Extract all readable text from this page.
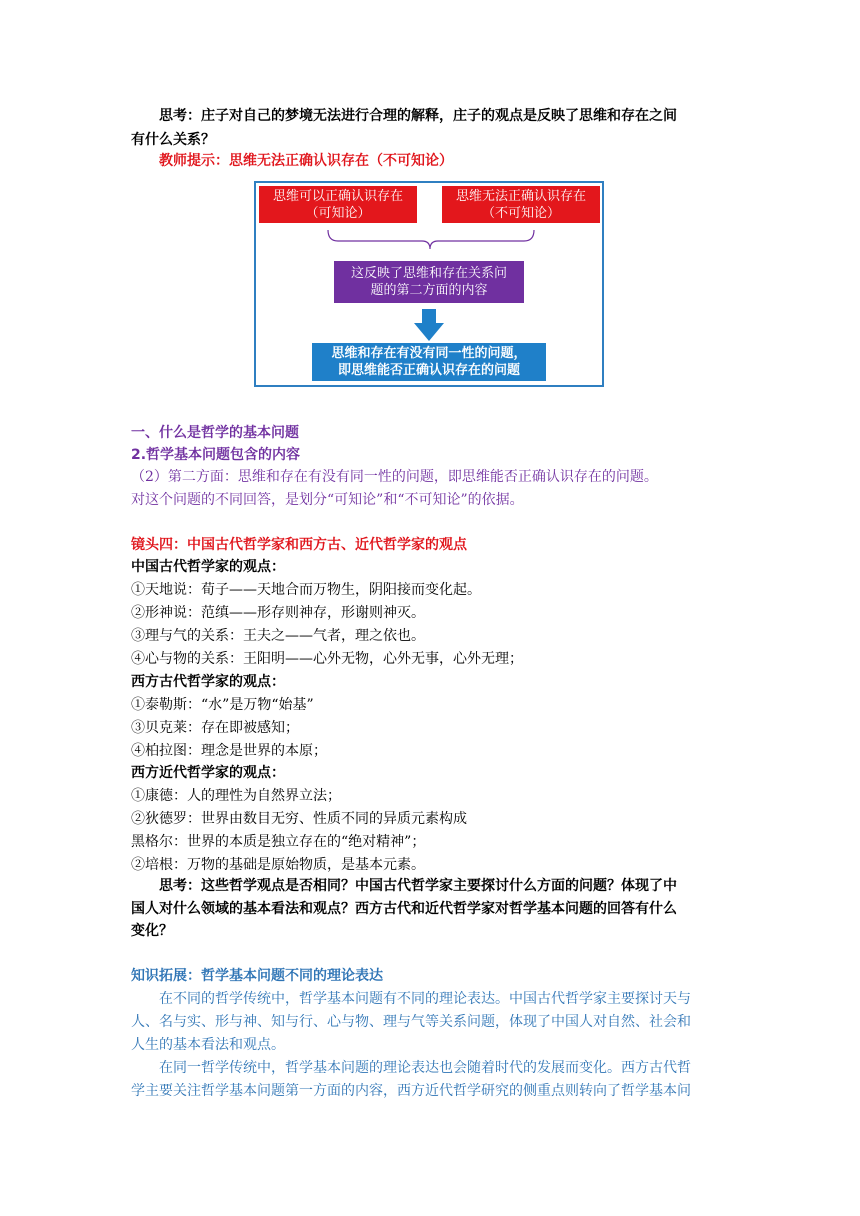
思考：庄子对自己的梦境无法进行合理的解释，庄子的观点是反映了思维和存在之间
有什么关系？
教师提示：思维无法正确认识存在（不可知论）
思维可以正确认识存在
（可知论）
思维无法正确认识存在
（不可知论）
这反映了思维和存在关系问
题的第二方面的内容
思维和存在有没有同一性的问题，
即思维能否正确认识存在的问题
一、什么是哲学的基本问题
2.哲学基本问题包含的内容
（2）第二方面：思维和存在有没有同一性的问题，即思维能否正确认识存在的问题。
对这个问题的不同回答，是划分“可知论”和“不可知论”的依据。
镜头四：中国古代哲学家和西方古、近代哲学家的观点
中国古代哲学家的观点：
①天地说：荀子——天地合而万物生，阴阳接而变化起。
②形神说：范缜——形存则神存，形谢则神灭。
③理与气的关系：王夫之——气者，理之依也。
④心与物的关系：王阳明——心外无物，心外无事，心外无理；
西方古代哲学家的观点：
①泰勒斯：“水”是万物“始基”
③贝克莱：存在即被感知；
④柏拉图：理念是世界的本原；
西方近代哲学家的观点：
①康德：人的理性为自然界立法；
②狄德罗：世界由数目无穷、性质不同的异质元素构成
黑格尔：世界的本质是独立存在的“绝对精神”；
②培根：万物的基础是原始物质，是基本元素。
思考：这些哲学观点是否相同？中国古代哲学家主要探讨什么方面的问题？体现了中
国人对什么领域的基本看法和观点？西方古代和近代哲学家对哲学基本问题的回答有什么
变化？
知识拓展：哲学基本问题不同的理论表达
在不同的哲学传统中，哲学基本问题有不同的理论表达。中国古代哲学家主要探讨天与
人、名与实、形与神、知与行、心与物、理与气等关系问题，体现了中国人对自然、社会和
人生的基本看法和观点。
在同一哲学传统中，哲学基本问题的理论表达也会随着时代的发展而变化。西方古代哲
学主要关注哲学基本问题第一方面的内容，西方近代哲学研究的侧重点则转向了哲学基本问
